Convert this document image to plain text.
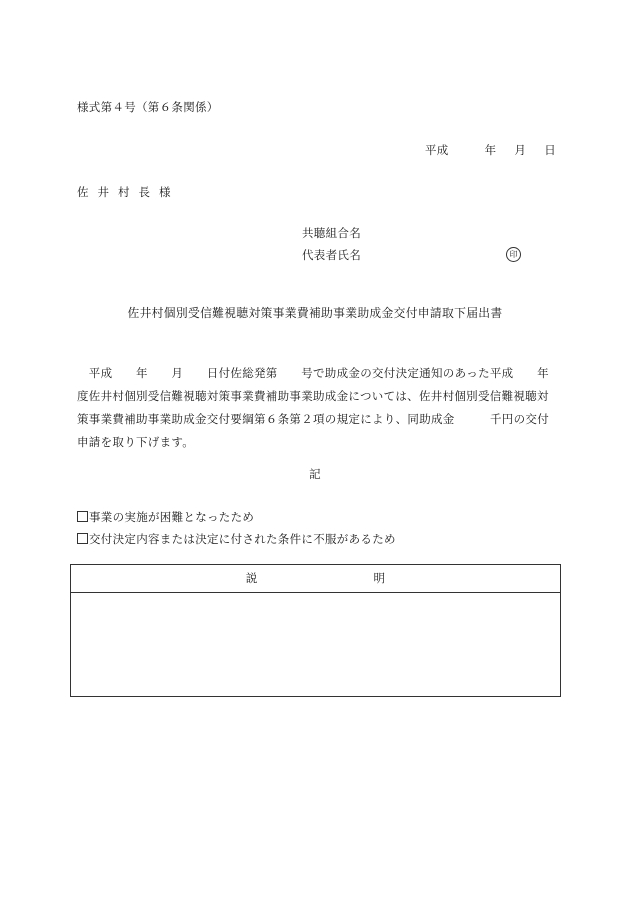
様式第４号（第６条関係）
平成	年 月 日
佐井村長様
共聴組合名
代表者氏名	印
佐井村個別受信難視聴対策事業費補助事業助成金交付申請取下届出書
　平成　　年　　月　　日付佐総発第　　号で助成金の交付決定通知のあった平成　　年
度佐井村個別受信難視聴対策事業費補助事業助成金については、佐井村個別受信難視聴対
策事業費補助事業助成金交付要綱第６条第２項の規定により、同助成金　　　千円の交付
申請を取り下げます。
記
事業の実施が困難となったため
交付決定内容または決定に付された条件に不服があるため
説	明
